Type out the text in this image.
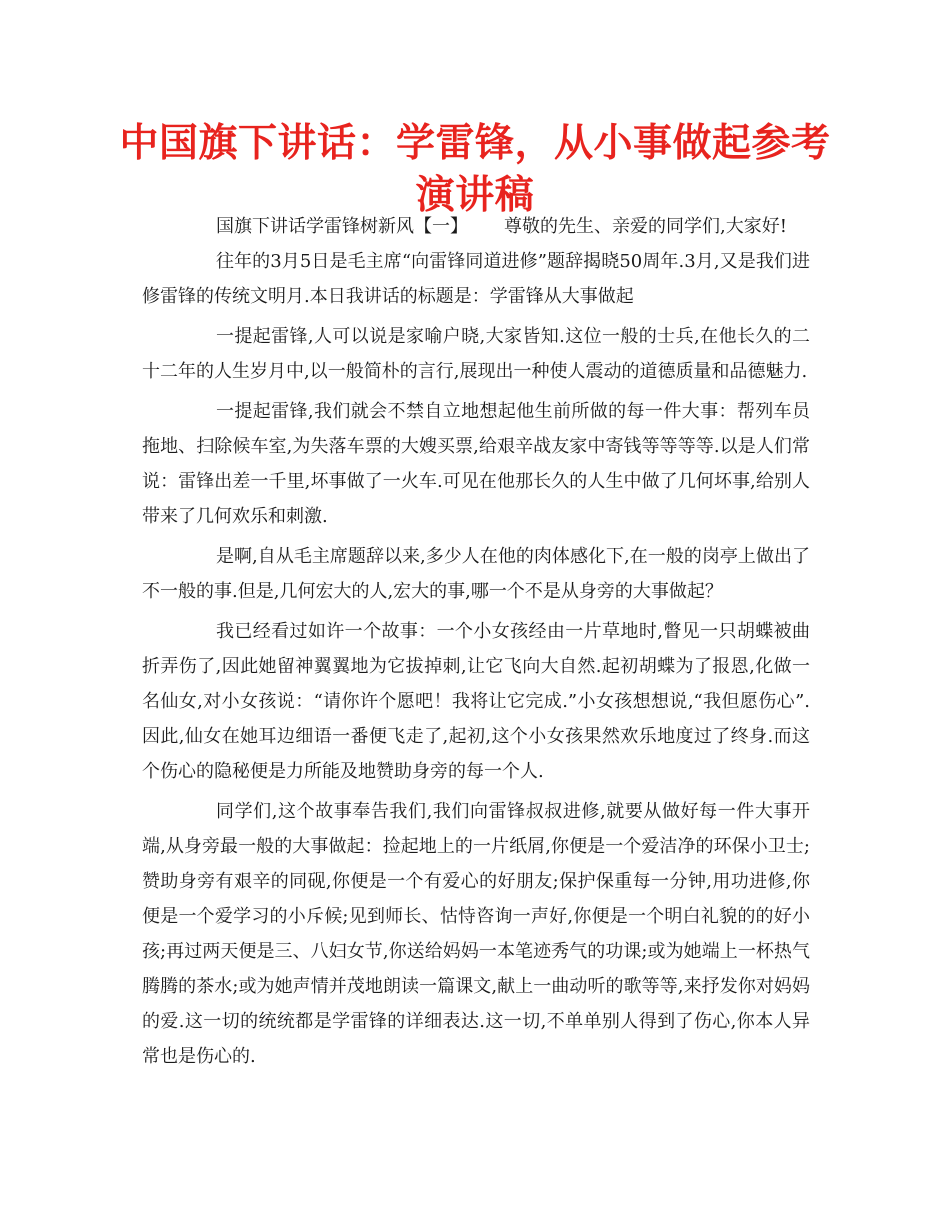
中国旗下讲话：学雷锋，从小事做起参考演讲稿

国旗下讲话学雷锋树新风【一】 尊敬的先生、亲爱的同学们,大家好!

往年的3月5日是毛主席“向雷锋同道进修”题辞揭晓50周年.3月,又是我们进修雷锋的传统文明月.本日我讲话的标题是：学雷锋从大事做起

一提起雷锋,人可以说是家喻户晓,大家皆知.这位一般的士兵,在他长久的二十二年的人生岁月中,以一般简朴的言行,展现出一种使人震动的道德质量和品德魅力.

一提起雷锋,我们就会不禁自立地想起他生前所做的每一件大事：帮列车员拖地、扫除候车室,为失落车票的大嫂买票,给艰辛战友家中寄钱等等等等.以是人们常说：雷锋出差一千里,坏事做了一火车.可见在他那长久的人生中做了几何坏事,给别人带来了几何欢乐和刺激.

是啊,自从毛主席题辞以来,多少人在他的肉体感化下,在一般的岗亭上做出了不一般的事.但是,几何宏大的人,宏大的事,哪一个不是从身旁的大事做起？

我已经看过如许一个故事：一个小女孩经由一片草地时,瞥见一只胡蝶被曲折弄伤了,因此她留神翼翼地为它拔掉刺,让它飞向大自然.起初胡蝶为了报恩,化做一名仙女,对小女孩说：“请你许个愿吧！我将让它完成.”小女孩想想说,“我但愿伤心”.因此,仙女在她耳边细语一番便飞走了,起初,这个小女孩果然欢乐地度过了终身.而这个伤心的隐秘便是力所能及地赞助身旁的每一个人.

同学们,这个故事奉告我们,我们向雷锋叔叔进修,就要从做好每一件大事开端,从身旁最一般的大事做起：捡起地上的一片纸屑,你便是一个爱洁净的环保小卫士;赞助身旁有艰辛的同砚,你便是一个有爱心的好朋友;保护保重每一分钟,用功进修,你便是一个爱学习的小斥候;见到师长、怙恃咨询一声好,你便是一个明白礼貌的的好小孩;再过两天便是三、八妇女节,你送给妈妈一本笔迹秀气的功课;或为她端上一杯热气腾腾的茶水;或为她声情并茂地朗读一篇课文,献上一曲动听的歌等等,来抒发你对妈妈的爱.这一切的统统都是学雷锋的详细表达.这一切,不单单别人得到了伤心,你本人异常也是伤心的.
